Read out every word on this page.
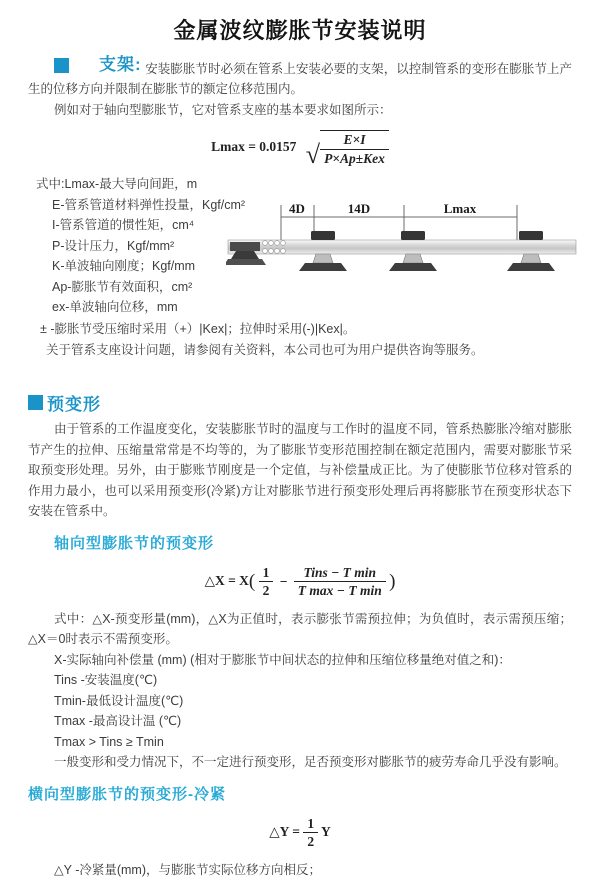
金属波纹膨胀节安装说明

支架: 安装膨胀节时必须在管系上安装必要的支架，以控制管系的变形在膨胀节上产生的位移方向并限制在膨胀节的额定位移范围内。

例如对于轴向型膨胀节，它对管系支座的基本要求如图所示：

Lmax = 0.0157 √ $\frac{E\times I}{\text{P×Ap±Kex}}$
式中:Lmax-最大导向间距，m
E-管系管道材料弹性投量，Kgf/cm²
I-管系管道的惯性矩，cm⁴
P-设计压力，Kgf/mm²
K-单波轴向刚度；Kgf/mm
Ap-膨胀节有效面积，cm²
ex-单波轴向位移，mm
± -膨胀节受压缩时采用（+）|Kex|；拉伸时采用(-)|Kex|。
关于管系支座设计问题，请参阅有关资料，本公司也可为用户提供咨询等服务。
4D	14D	Lmax
预变形

由于管系的工作温度变化，安装膨胀节时的温度与工作时的温度不同，管系热膨胀冷缩对膨胀节产生的拉伸、压缩量常常是不均等的，为了膨胀节变形范围控制在额定范围内，需要对膨胀节采取预变形处理。另外，由于膨账节刚度是一个定值，与补偿量成正比。为了使膨胀节位移对管系的作用力最小，也可以采用预变形(冷紧)方让对膨胀节进行预变形处理后再将膨胀节在预变形状态下安装在管系中。

轴向型膨胀节的预变形
△X = $X( \frac{1}{2} - \frac{\text{Tins − T min}}{\text{T max − T min}}$ )

式中：△X-预变形量(mm)，△X为正值时，表示膨张节需预拉伸；为负值时，表示需预压缩；△X＝0时表示不需预变形。

X-实际轴向补偿量 (mm) (相对于膨胀节中间状态的拉伸和压缩位移量绝对值之和)：

Tins -安装温度(℃)

Tmin-最低设计温度(℃)

Tmax -最高设计温 (℃)

Tmax > Tins ≥ Tmin

一般变形和受力情况下，不一定进行预变形，足否预变形对膨胀节的疲劳寿命几乎没有影响。

横向型膨胀节的预变形-冷紧
△Y = $\frac{1}{2}$ Y

△Y -冷紧量(mm)，与膨胀节实际位移方向相反；
